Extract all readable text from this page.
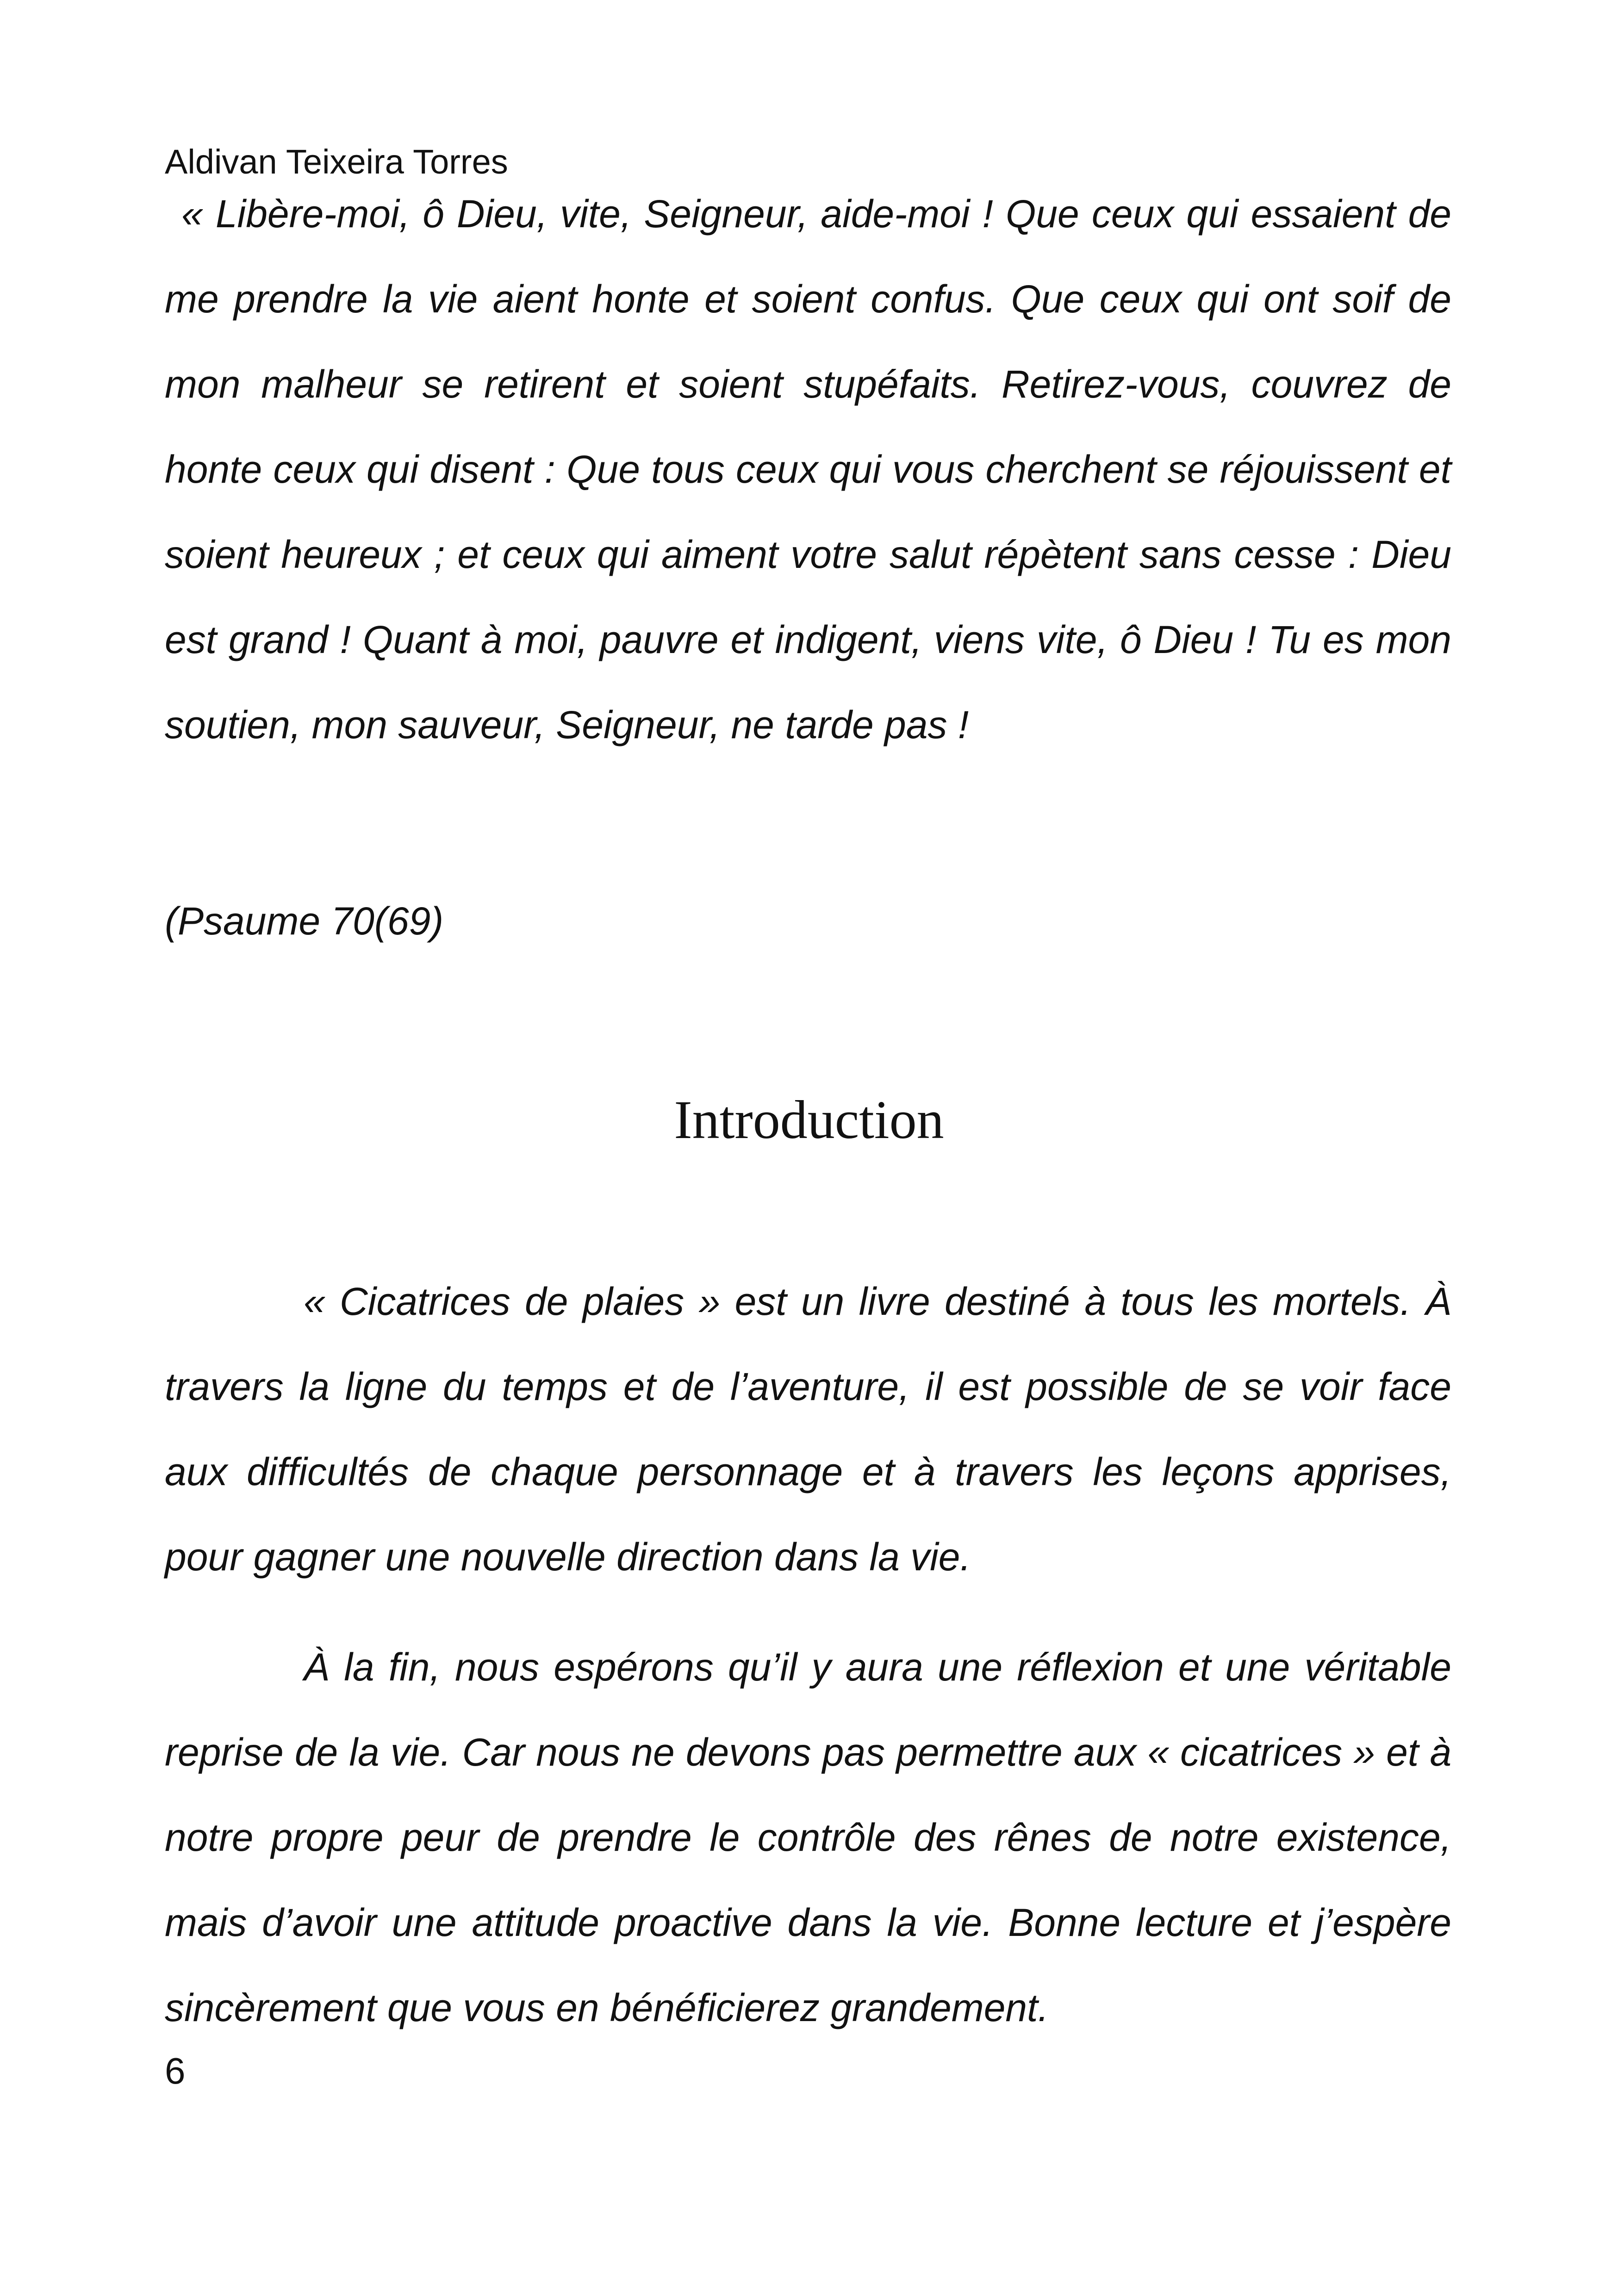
Aldivan Teixeira Torres

« Libère-moi, ô Dieu, vite, Seigneur, aide-moi ! Que ceux qui essaient de me prendre la vie aient honte et soient confus. Que ceux qui ont soif de mon malheur se retirent et soient stupéfaits. Retirez-vous, couvrez de honte ceux qui disent : Que tous ceux qui vous cherchent se réjouissent et soient heureux ; et ceux qui aiment votre salut répètent sans cesse : Dieu est grand ! Quant à moi, pauvre et indigent, viens vite, ô Dieu ! Tu es mon soutien, mon sauveur, Seigneur, ne tarde pas !

(Psaume 70(69)
Introduction

« Cicatrices de plaies » est un livre destiné à tous les mortels. À travers la ligne du temps et de l’aventure, il est possible de se voir face aux difficultés de chaque personnage et à travers les leçons apprises, pour gagner une nouvelle direction dans la vie.

À la fin, nous espérons qu’il y aura une réflexion et une véritable reprise de la vie. Car nous ne devons pas permettre aux « cicatrices » et à notre propre peur de prendre le contrôle des rênes de notre existence, mais d’avoir une attitude proactive dans la vie. Bonne lecture et j’espère sincèrement que vous en bénéficierez grandement.

6
